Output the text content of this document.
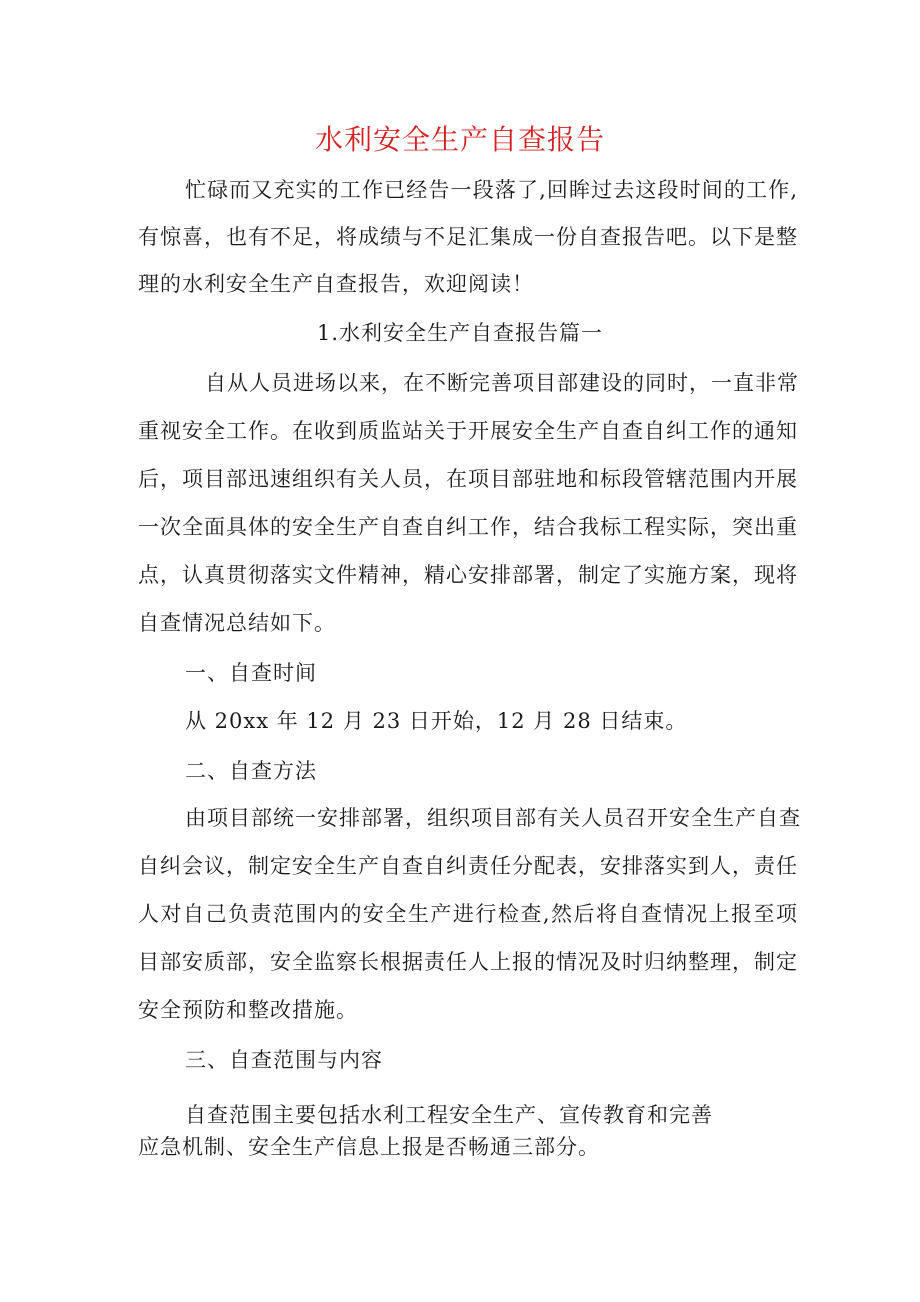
水利安全生产自查报告
忙碌而又充实的工作已经告一段落了,回眸过去这段时间的工作,
有惊喜，也有不足，将成绩与不足汇集成一份自查报告吧。以下是整
理的水利安全生产自查报告，欢迎阅读！
1.水利安全生产自查报告篇一
自从人员进场以来，在不断完善项目部建设的同时，一直非常
重视安全工作。在收到质监站关于开展安全生产自查自纠工作的通知
后，项目部迅速组织有关人员，在项目部驻地和标段管辖范围内开展
一次全面具体的安全生产自查自纠工作，结合我标工程实际，突出重
点，认真贯彻落实文件精神，精心安排部署，制定了实施方案，现将
自查情况总结如下。
一、自查时间
从 20xx 年 12 月 23 日开始，12 月 28 日结束。
二、自查方法
由项目部统一安排部署，组织项目部有关人员召开安全生产自查
自纠会议，制定安全生产自查自纠责任分配表，安排落实到人，责任
人对自己负责范围内的安全生产进行检查,然后将自查情况上报至项
目部安质部，安全监察长根据责任人上报的情况及时归纳整理，制定
安全预防和整改措施。
三、自查范围与内容
自查范围主要包括水利工程安全生产、宣传教育和完善
应急机制、安全生产信息上报是否畅通三部分。
